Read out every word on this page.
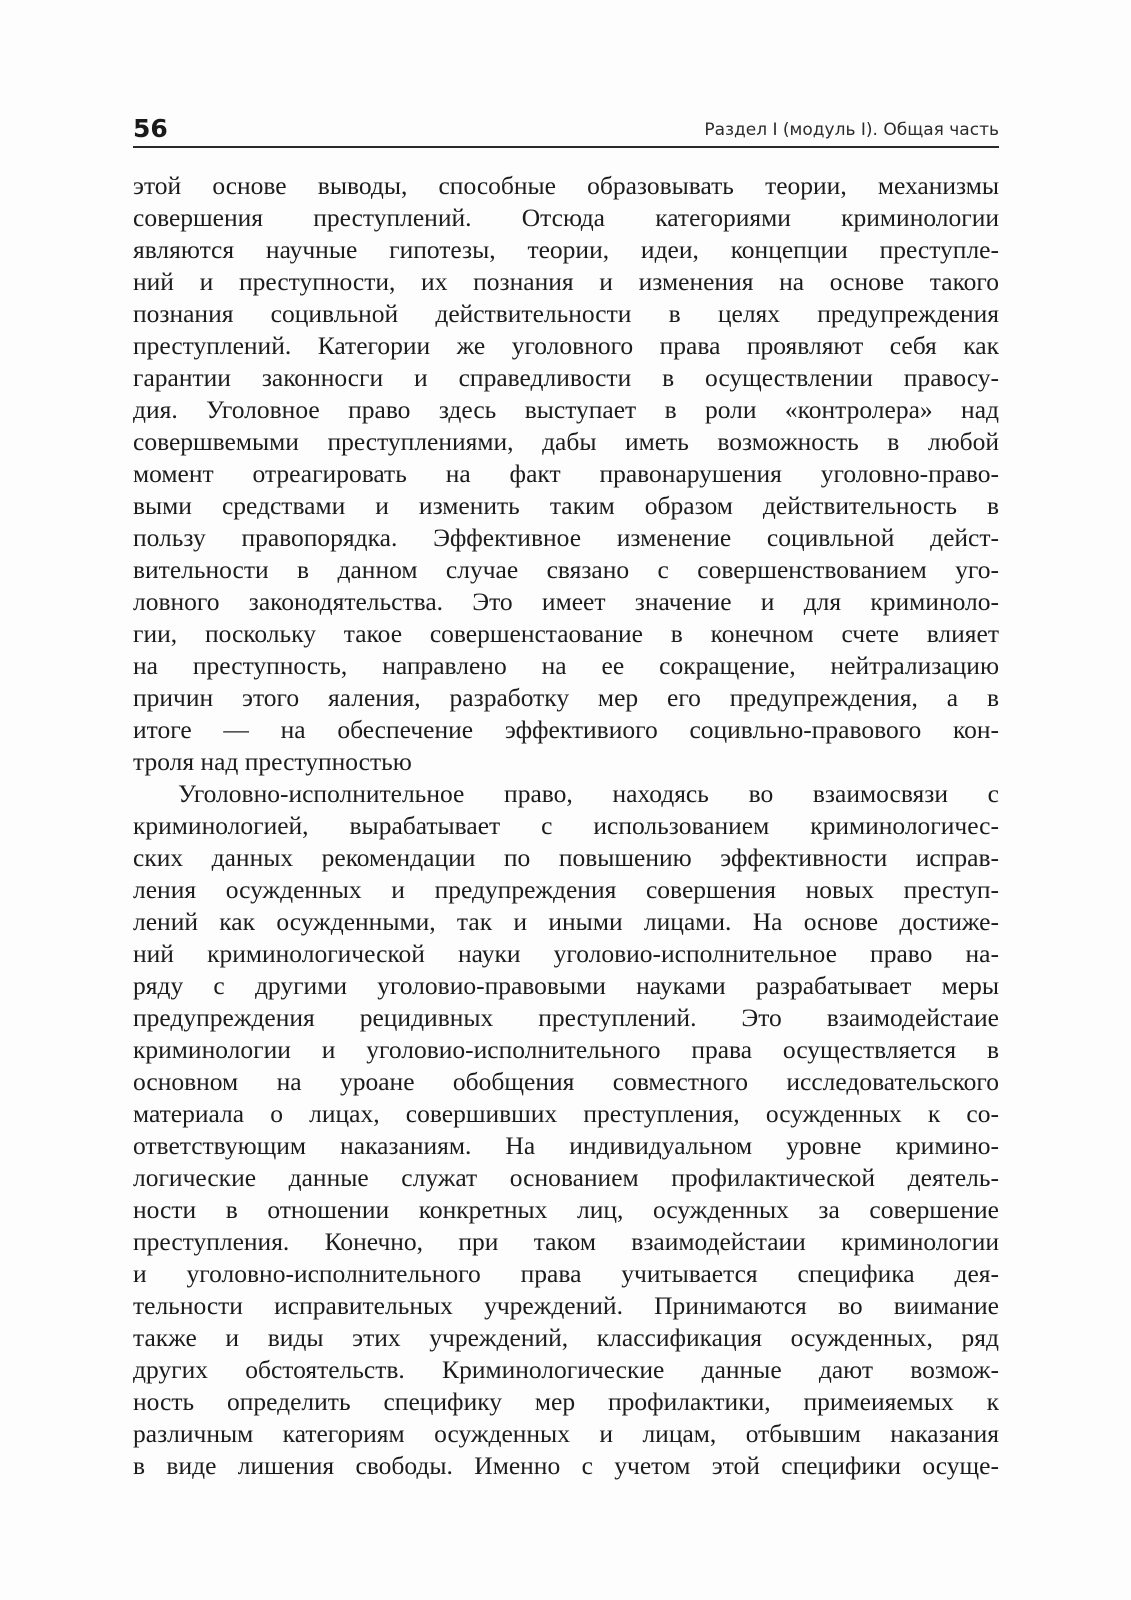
56	Раздел I (модуль I). Общая часть
этой основе выводы, способные образовывать теории, механизмы
совершения преступлений. Отсюда категориями криминологии
являются научные гипотезы, теории, идеи, концепции преступле-
ний и преступности, их познания и изменения на основе такого
познания социвльной действительности в целях предупреждения
преступлений. Категории же уголовного права проявляют себя как
гарантии законносги и справедливости в осуществлении правосу-
дия. Уголовное право здесь выступает в роли «контролера» над
совершвемыми преступлениями, дабы иметь возможность в любой
момент отреагировать на факт правонарушения уголовно-право-
выми средствами и изменить таким образом действительность в
пользу правопорядка. Эффективное изменение социвльной дейст-
вительности в данном случае связано с совершенствованием уго-
ловного законодятельства. Это имеет значение и для криминоло-
гии, поскольку такое совершенстаование в конечном счете влияет
на преступность, направлено на ее сокращение, нейтрализацию
причин этого яаления, разработку мер его предупреждения, а в
итоге — на обеспечение эффективиого социвльно-правового кон-
троля над преступностью
Уголовно-исполнительное право, находясь во взаимосвязи с
криминологией, вырабатывает с использованием криминологичес-
ских данных рекомендации по повышению эффективности исправ-
ления осужденных и предупреждения совершения новых преступ-
лений как осужденными, так и иными лицами. На основе достиже-
ний криминологической науки уголовио-исполнительное право на-
ряду с другими уголовио-правовыми науками разрабатывает меры
предупреждения рецидивных преступлений. Это взаимодейстаие
криминологии и уголовио-исполнительного права осуществляется в
основном на уроане обобщения совместного исследовательского
материала о лицах, совершивших преступления, осужденных к со-
ответствующим наказаниям. На индивидуальном уровне кримино-
логические данные служат основанием профилактической деятель-
ности в отношении конкретных лиц, осужденных за совершение
преступления. Конечно, при таком взаимодейстаии криминологии
и уголовно-исполнительного права учитывается специфика дея-
тельности исправительных учреждений. Принимаются во виимание
также и виды этих учреждений, классификация осужденных, ряд
других обстоятельств. Криминологические данные дают возмож-
ность определить специфику мер профилактики, примеияемых к
различным категориям осужденных и лицам, отбывшим наказания
в виде лишения свободы. Именно с учетом этой специфики осуще-
